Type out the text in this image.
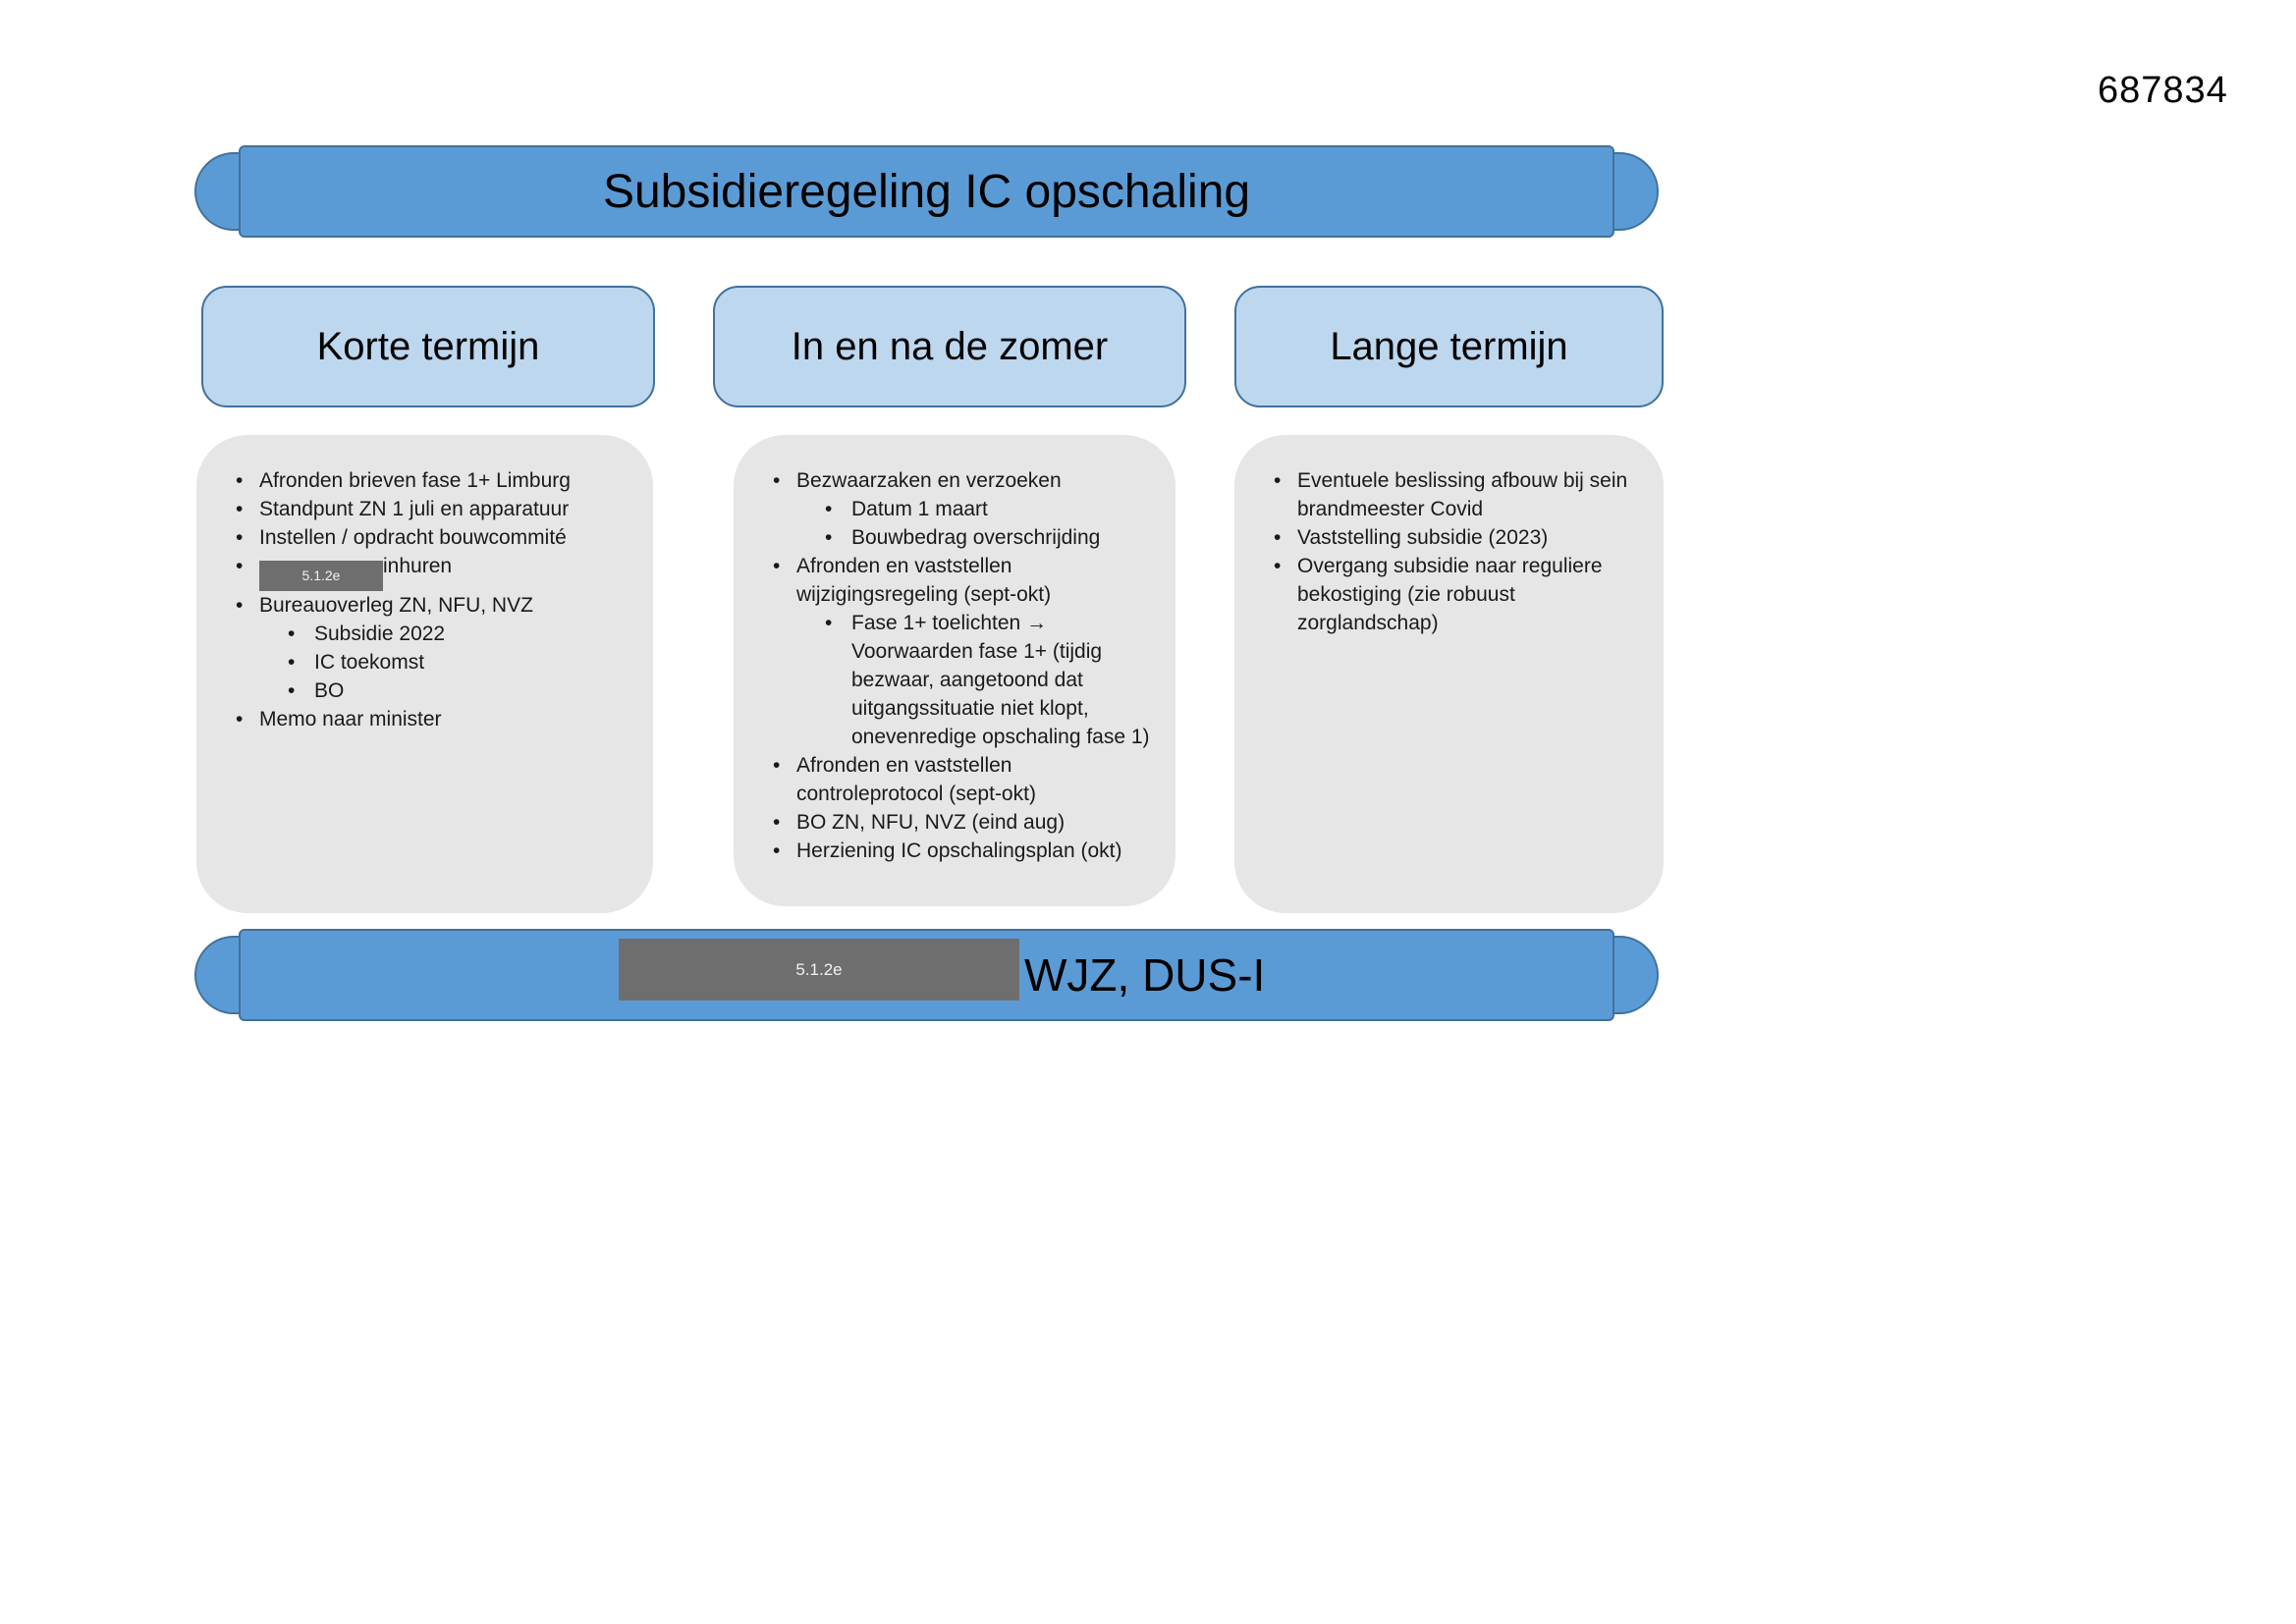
687834
Subsidieregeling IC opschaling
Korte termijn	In en na de zomer	Lange termijn
• Afronden brieven fase 1+ Limburg
• Standpunt ZN 1 juli en apparatuur
• Instellen / opdracht bouwcommité
• 5.1.2e inhuren
• Bureauoverleg ZN, NFU, NVZ
• Subsidie 2022
• IC toekomst
• BO
• Memo naar minister
• Bezwaarzaken en verzoeken
• Datum 1 maart
• Bouwbedrag overschrijding
• Afronden en vaststellen wijzigingsregeling (sept-okt)
• Fase 1+ toelichten → Voorwaarden fase 1+ (tijdig bezwaar, aangetoond dat uitgangssituatie niet klopt, onevenredige opschaling fase 1)
• Afronden en vaststellen controleprotocol (sept-okt)
• BO ZN, NFU, NVZ (eind aug)
• Herziening IC opschalingsplan (okt)
• Eventuele beslissing afbouw bij sein brandmeester Covid
• Vaststelling subsidie (2023)
• Overgang subsidie naar reguliere bekostiging (zie robuust zorglandschap)
5.1.2e	WJZ, DUS-I
